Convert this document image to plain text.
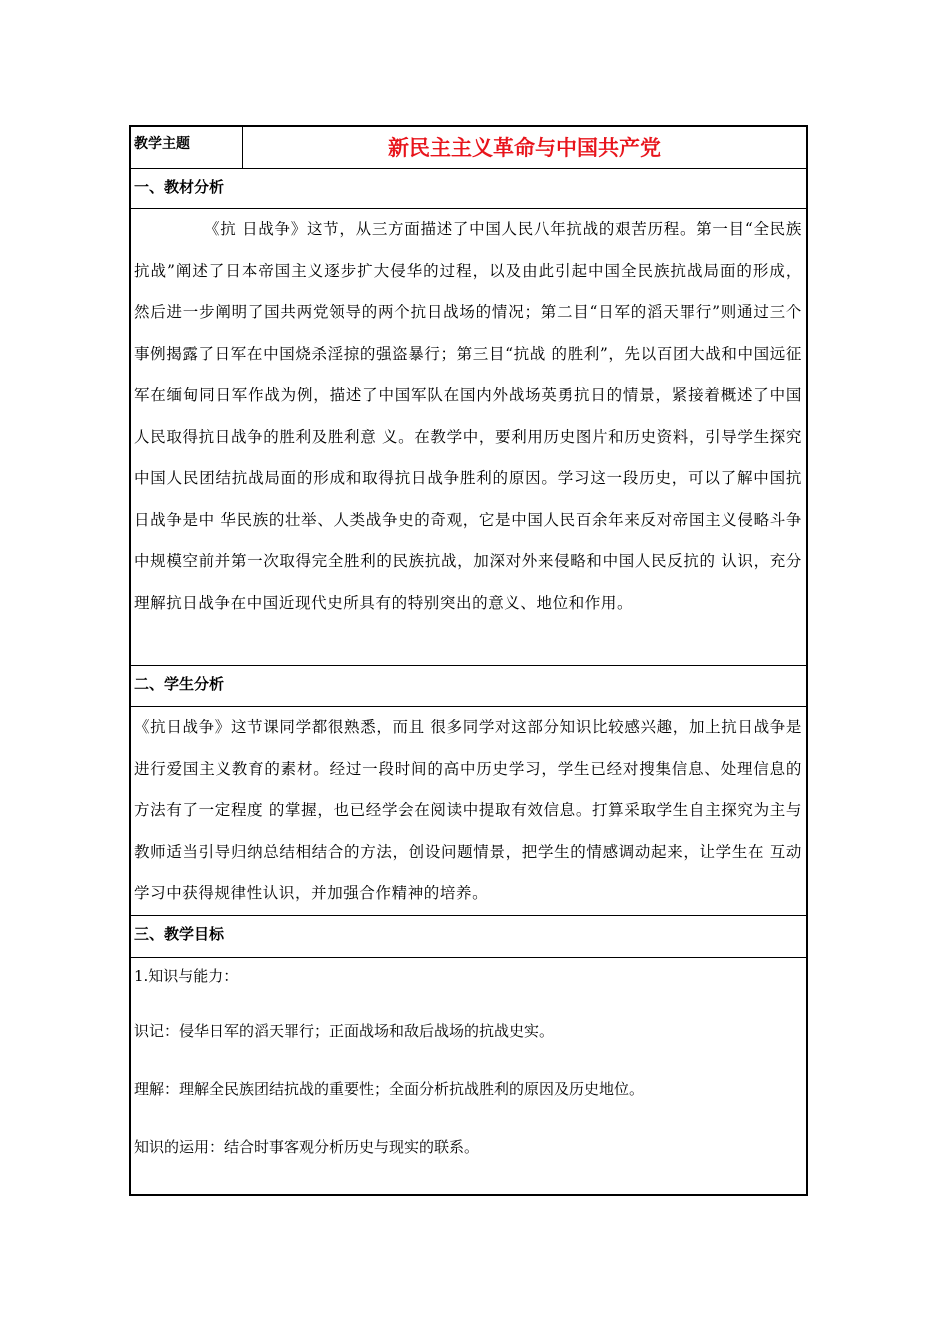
教学主题	新民主主义革命与中国共产党
一、教材分析
《抗 日战争》这节，从三方面描述了中国人民八年抗战的艰苦历程。第一目“全民族抗战”阐述了日本帝国主义逐步扩大侵华的过程，以及由此引起中国全民族抗战局面的形成，然后进一步阐明了国共两党领导的两个抗日战场的情况；第二目“日军的滔天罪行”则通过三个事例揭露了日军在中国烧杀淫掠的强盗暴行；第三目“抗战 的胜利”，先以百团大战和中国远征军在缅甸同日军作战为例，描述了中国军队在国内外战场英勇抗日的情景，紧接着概述了中国人民取得抗日战争的胜利及胜利意 义。在教学中，要利用历史图片和历史资料，引导学生探究中国人民团结抗战局面的形成和取得抗日战争胜利的原因。学习这一段历史，可以了解中国抗日战争是中 华民族的壮举、人类战争史的奇观，它是中国人民百余年来反对帝国主义侵略斗争中规模空前并第一次取得完全胜利的民族抗战，加深对外来侵略和中国人民反抗的 认识，充分理解抗日战争在中国近现代史所具有的特别突出的意义、地位和作用。
二、学生分析
《抗日战争》这节课同学都很熟悉，而且 很多同学对这部分知识比较感兴趣，加上抗日战争是进行爱国主义教育的素材。经过一段时间的高中历史学习，学生已经对搜集信息、处理信息的方法有了一定程度 的掌握，也已经学会在阅读中提取有效信息。打算采取学生自主探究为主与教师适当引导归纳总结相结合的方法，创设问题情景，把学生的情感调动起来，让学生在 互动学习中获得规律性认识，并加强合作精神的培养。
三、教学目标
1.知识与能力：
识记：侵华日军的滔天罪行；正面战场和敌后战场的抗战史实。
理解：理解全民族团结抗战的重要性；全面分析抗战胜利的原因及历史地位。
知识的运用：结合时事客观分析历史与现实的联系。
